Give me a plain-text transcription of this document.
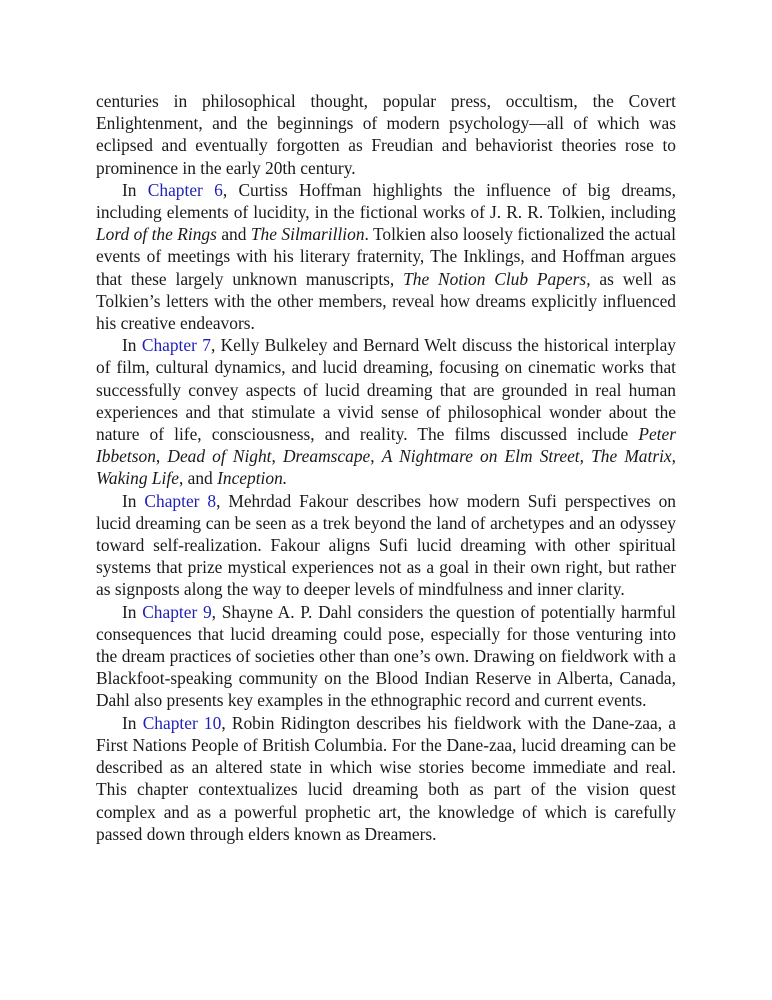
centuries in philosophical thought, popular press, occultism, the Covert Enlightenment, and the beginnings of modern psychology—all of which was eclipsed and eventually forgotten as Freudian and behaviorist theories rose to prominence in the early 20th century.

In Chapter 6, Curtiss Hoffman highlights the influence of big dreams, including elements of lucidity, in the fictional works of J. R. R. Tolkien, including Lord of the Rings and The Silmarillion. Tolkien also loosely fictionalized the actual events of meetings with his literary fraternity, The Inklings, and Hoffman argues that these largely unknown manuscripts, The Notion Club Papers, as well as Tolkien’s letters with the other members, reveal how dreams explicitly influenced his creative endeavors.

In Chapter 7, Kelly Bulkeley and Bernard Welt discuss the historical interplay of film, cultural dynamics, and lucid dreaming, focusing on cinematic works that successfully convey aspects of lucid dreaming that are grounded in real human experiences and that stimulate a vivid sense of philosophical wonder about the nature of life, consciousness, and reality. The films discussed include Peter Ibbetson, Dead of Night, Dreamscape, A Nightmare on Elm Street, The Matrix, Waking Life, and Inception.

In Chapter 8, Mehrdad Fakour describes how modern Sufi perspectives on lucid dreaming can be seen as a trek beyond the land of archetypes and an odyssey toward self-realization. Fakour aligns Sufi lucid dreaming with other spiritual systems that prize mystical experiences not as a goal in their own right, but rather as signposts along the way to deeper levels of mindfulness and inner clarity.

In Chapter 9, Shayne A. P. Dahl considers the question of potentially harmful consequences that lucid dreaming could pose, especially for those venturing into the dream practices of societies other than one’s own. Drawing on fieldwork with a Blackfoot-speaking community on the Blood Indian Reserve in Alberta, Canada, Dahl also presents key examples in the ethnographic record and current events.

In Chapter 10, Robin Ridington describes his fieldwork with the Dane-zaa, a First Nations People of British Columbia. For the Dane-zaa, lucid dreaming can be described as an altered state in which wise stories become immediate and real. This chapter contextualizes lucid dreaming both as part of the vision quest complex and as a powerful prophetic art, the knowledge of which is carefully passed down through elders known as Dreamers.
